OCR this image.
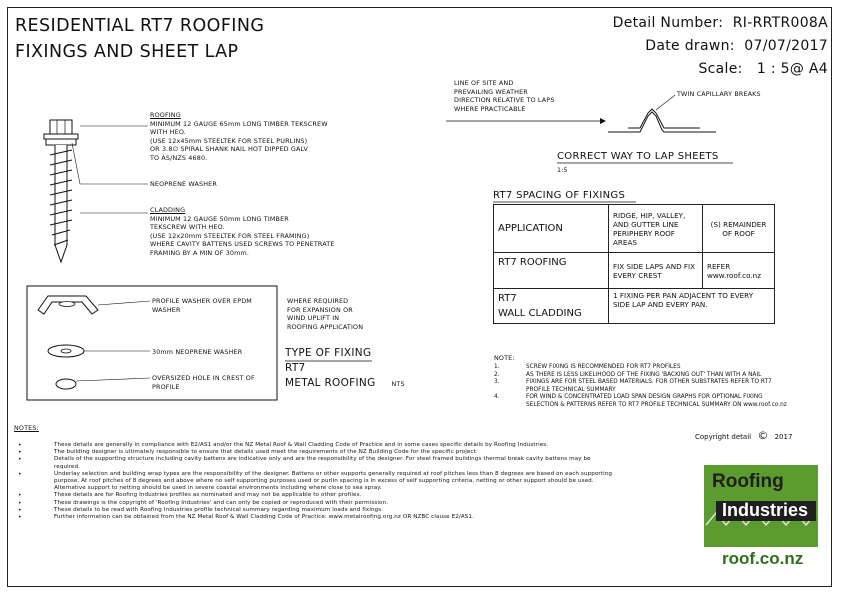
RESIDENTIAL RT7 ROOFING
FIXINGS AND SHEET LAP
Detail Number: RI-RRTR008A
Date drawn: 07/07/2017
Scale: 1 : 5@ A4
LINE OF SITE AND
PREVAILING WEATHER
DIRECTION RELATIVE TO LAPS
WHERE PRACTICABLE
TWIN CAPILLARY BREAKS
CORRECT WAY TO LAP SHEETS
1:5
ROOFING
MINIMUM 12 GAUGE 65mm LONG TIMBER TEKSCREW
WITH HEO.
(USE 12x45mm STEELTEK FOR STEEL PURLINS)
OR 3.8∅ SPIRAL SHANK NAIL HOT DIPPED GALV
TO AS/NZS 4680.
NEOPRENE WASHER
CLADDING
MINIMUM 12 GAUGE 50mm LONG TIMBER
TEKSCREW WITH HEO.
(USE 12x20mm STEELTEK FOR STEEL FRAMING)
WHERE CAVITY BATTENS USED SCREWS TO PENETRATE
FRAMING BY A MIN OF 30mm.
PROFILE WASHER OVER EPDM
WASHER
30mm NEOPRENE WASHER
OVERSIZED HOLE IN CREST OF
PROFILE
WHERE REQUIRED
FOR EXPANSION OR
WIND UPLIFT IN
ROOFING APPLICATION
TYPE OF FIXING
RT7
METAL ROOFING	NTS
RT7 SPACING OF FIXINGS
APPLICATION	RIDGE, HIP, VALLEY, AND GUTTER LINE PERIPHERY ROOF AREAS	(S) REMAINDER OF ROOF
RT7 ROOFING	FIX SIDE LAPS AND FIX EVERY CREST	REFER www.roof.co.nz

RT7
WALL CLADDING	1 FIXING PER PAN ADJACENT TO EVERY SIDE LAP AND EVERY PAN.	
NOTE:
1.	SCREW FIXING IS RECOMMENDED FOR RT7 PROFILES
2.	AS THERE IS LESS LIKELIHOOD OF THE FIXING 'BACKING OUT' THAN WITH A NAIL
3.	FIXINGS ARE FOR STEEL BASED MATERIALS. FOR OTHER SUBSTRATES REFER TO RT7 PROFILE TECHNICAL SUMMARY
4.	FOR WIND & CONCENTRATED LOAD SPAN DESIGN GRAPHS FOR OPTIONAL FIXING SELECTION & PATTERNS REFER TO RT7 PROFILE TECHNICAL SUMMARY ON www.roof.co.nz
NOTES:
• These details are generally in compliance with E2/AS1 and/or the NZ Metal Roof & Wall Cladding Code of Practice and in some cases specific details by Roofing Industries.
• The building designer is ultimately responsible to ensure that details used meet the requirements of the NZ Building Code for the specific project.
• Details of the supporting structure including cavity battens are indicative only and are the responsibility of the designer. For steel framed buildings thermal break cavity battens may be required.
• Underlay selection and building wrap types are the responsibility of the designer. Battens or other supports generally required at roof pitches less than 8 degrees are based on each supporting purpose. At roof pitches of 8 degrees and above where no self supporting purposes used or purlin spacing is in excess of self supporting criteria, netting or other support should be used. Alternative support to netting should be used in severe coastal environments including where close to sea spray.
• These details are for Roofing Industries profiles as nominated and may not be applicable to other profiles.
• These drawings is the copyright of 'Roofing Industries' and can only be copied or reproduced with their permission.
• These details to be read with Roofing Industries profile technical summary regarding maximum loads and fixings.
• Further information can be obtained from the NZ Metal Roof & Wall Cladding Code of Practice: www.metalroofing.org.nz OR NZBC clause E2/AS1.
Copyright detail © 2017
Roofing
Industries
roof.co.nz
